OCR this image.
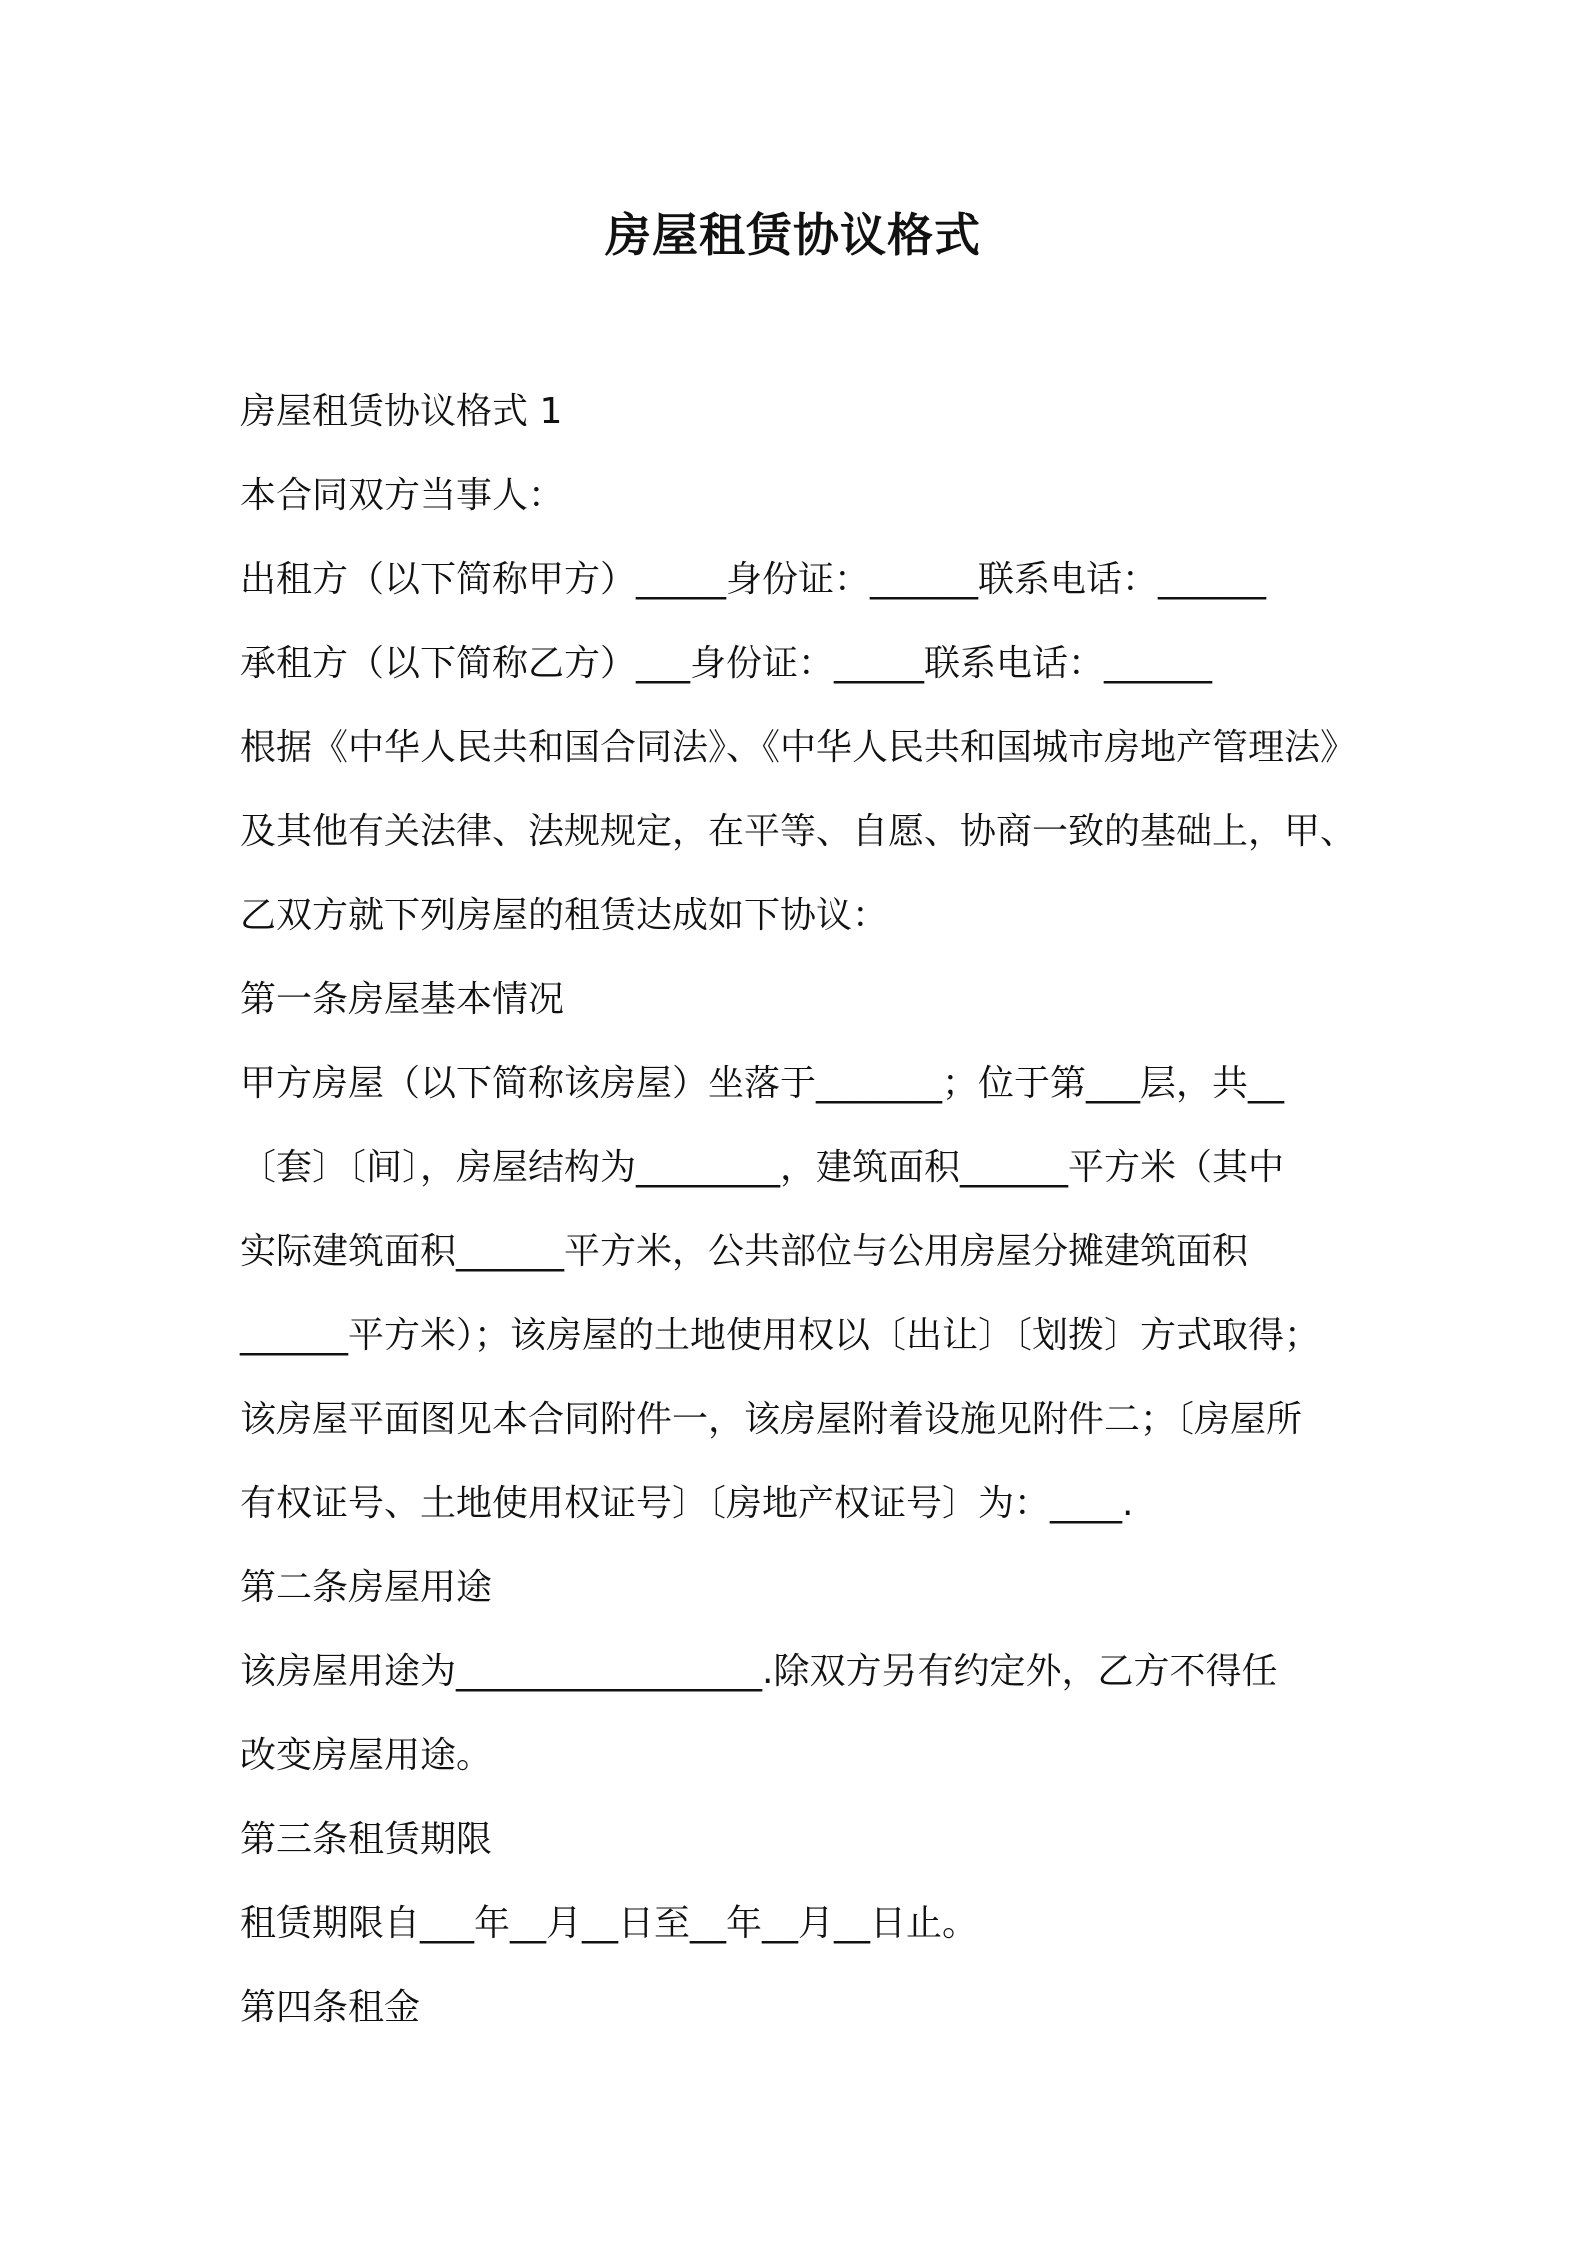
房屋租赁协议格式

房屋租赁协议格式 1

本合同双方当事人：

出租方（以下简称甲方）_____身份证：______联系电话：______

承租方（以下简称乙方）___身份证：_____联系电话：______

根据《中华人民共和国合同法》、《中华人民共和国城市房地产管理法》

及其他有关法律、法规规定，在平等、自愿、协商一致的基础上，甲、

乙双方就下列房屋的租赁达成如下协议：

第一条房屋基本情况

甲方房屋（以下简称该房屋）坐落于_______；位于第___层，共__

〔套〕〔间〕，房屋结构为________，建筑面积______平方米（其中

实际建筑面积______平方米，公共部位与公用房屋分摊建筑面积

______平方米）；该房屋的土地使用权以〔出让〕〔划拨〕方式取得；

该房屋平面图见本合同附件一，该房屋附着设施见附件二；〔房屋所

有权证号、土地使用权证号〕〔房地产权证号〕为：____.

第二条房屋用途

该房屋用途为_________________.除双方另有约定外，乙方不得任

改变房屋用途。

第三条租赁期限

租赁期限自___年__月__日至__年__月__日止。

第四条租金
